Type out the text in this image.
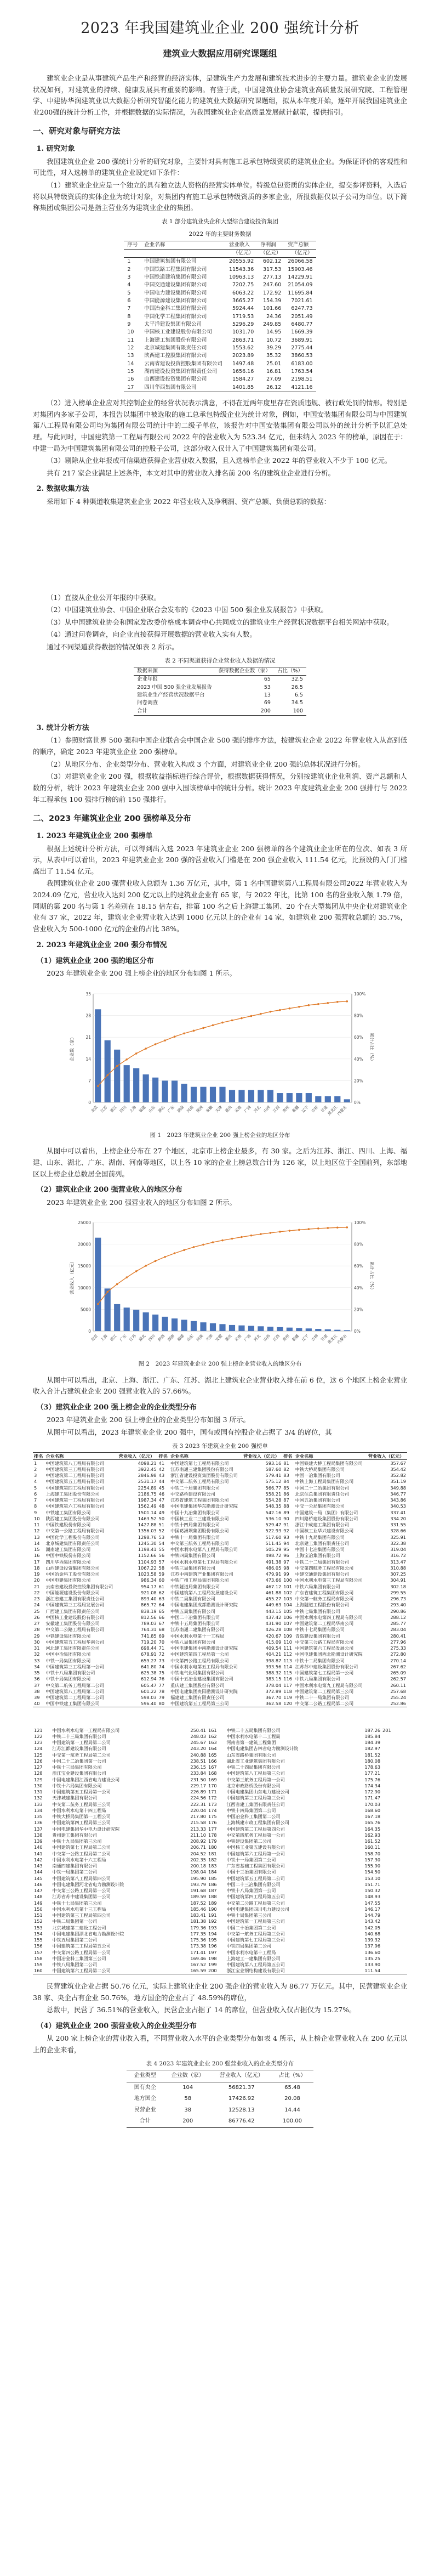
2023 年我国建筑业企业 200 强统计分析
建筑业大数据应用研究课题组

建筑业企业是从事建筑产品生产和经营的经济实体，是建筑生产力发展和建筑技术进步的主要力量。建筑业企业的发展状况如何，对建筑业的持续、健康发展具有重要的影响。有鉴于此，中国建筑业协会建筑业高质量发展研究院、工程管理学、中建协华润建筑业以大数据分析研究智能化能力的建筑业大数据研究课题组，拟从本年度开始，逐年开展我国建筑业企业200强的统计分析工作，并根据数据的实际情况，为我国建筑业企业高质量发展献计献策，提供指引。

一、研究对象与研究方法
1. 研究对象

我国建筑业企业 200 强统计分析的研究对象，主要针对具有施工总承包特级资质的建筑业企业。为保证评价的客观性和可比性，对入选榜单的建筑业企业设定如下条件：

（1）建筑业企业应是一个独立的具有独立法人资格的经营实体单位。特级总包资质的实体企业，提交参评资料，入选后将以具特级资质的实体企业为统计对象，对集团内有施工总承包特级资质的多家企业，所报数据仅以子公司为单位。以下简称集团或集团公司是指主营业务为建筑业企业的集团。

表 1 部分建筑业央企和大型综合建设投资集团
2022 年的主要财务数据
序号	企业名称	营业收入	净利润	资产总额
		（亿元）	（亿元）	（亿元）
1	中国建筑集团有限公司	20555.92	602.12	26066.58
2	中国铁路工程集团有限公司	11543.36	317.53	15903.46
3	中国铁道建筑集团有限公司	10963.13	277.13	14229.91
4	中国交通建设集团有限公司	7202.75	247.60	21054.09
5	中国电力建设集团有限公司	6063.22	172.92	11695.84
6	中国能源建设集团有限公司	3665.27	154.39	7021.61
7	中国冶金科工集团有限公司	5924.44	101.66	6247.73
8	中国化学工程集团有限公司	1719.53	24.36	2051.49
9	太平洋建设集团有限公司	5296.29	249.85	6480.77
10	中国核工业建设股份有限公司	1031.70	14.95	1669.39
11	上海建工集团股份有限公司	2863.71	10.72	3689.91
12	北京城建集团有限责任公司	1553.62	39.29	2775.44
13	陕西建工控股集团有限公司	2023.89	35.32	3860.53
14	云南省建设投资控股集团有限公司	1497.48	25.01	6183.00
15	湖南建设投资集团有限责任公司	1656.16	16.81	1763.54
16	山西建设投资集团有限公司	1584.27	27.09	2198.51
17	四川华西集团有限公司	1401.85	26.12	4121.16

（2）进入榜单企业应对其控制企业的经营状况表示满意，不得在近两年度里存在资质违规、被行政处罚的情形。特别是对集团内多家子公司，本报告以集团中被选取的施工总承包特级企业为统计对象，例如，中国安装集团有限公司与中国建筑第八工程局有限公司均为集团有限公司统计中的二级子单位，该报告对中国安装集团有限公司以外的统计分析予以汇总处理。与此同时，中国建筑第一工程局有限公司 2022 年的营业收入为 523.34 亿元，但未纳入 2023 年的榜单，原因在于：中建一局为中国建筑集团有限公司的控股子公司，这部分收入仅计入了中国建筑集团有限公司。

（3）剔除从企业年报或可信渠道获得企业营业收入数据，且入选榜单企业 2022 年的营业收入不少于 100 亿元。

共有 217 家企业满足上述条件，本文对其中的营业收入排名前 200 名的建筑业企业进行分析。

2. 数据收集方法

采用如下 4 种渠道收集建筑业企业 2022 年营业收入及净利润、资产总额、负债总额的数据：

（1）直接从企业公开年报的中获取。

（2）中国建筑业协会、中国企业联合会发布的《2023 中国 500 强企业发展报告》中获取。

（3）从中国建筑业协会和国家发改委价格成本调查中心共同成立的建筑业生产经营状况数据平台相关网站中获取。

（4）通过问卷调查，向企业直接获得开展数据的营业收入实有人数。

通过不同渠道获得数据的情况如表 2 所示。

表 2 不同渠道获得企业营业收入数据的情况
数据来源	获得数据企业数（家）	占比（%）
企业年报	65	32.5
2023 中国 500 强企业发展报告	53	26.5
建筑业生产经营状况数据平台	13	6.5
问卷调查	69	34.5
合计	200	100
3. 统计分析方法

（1）参照财富世界 500 强和中国企业联合会中国企业 500 强的排序方法，按建筑业企业 2022 年营业收入从高到低的顺序，确定 2023 年建筑业企业 200 强榜单。

（2）从地区分布、企业类型分布、营业收入构成 3 个方面，对建筑业企业 200 强的总体状况进行分析。

（3）对建筑业企业 200 强，根据收益指标进行综合评价，根据数据获得情况，分别按建筑业企业利润、资产总额和人数的分析，统计 2023 年建筑业企业 200 强中入围该榜单中的统计分析。统计 2023 年度建筑业企业 200 强排行与 2022 年工程承包 100 强排行榜的前 150 强排行。

二、2023 年建筑业企业 200 强榜单及分布
1. 2023 年建筑业企业 200 强榜单

根据上述统计分析方法，可以得到出入选 2023 年建筑业企业 200 强榜单的各个建筑业企业所在的位次、如表 3 所示，从表中可以看出，2023 年建筑业企业 200 强的营业收入门槛是在 200 强企业收入 111.54 亿元，比预设的入门门槛高出了 11.54 亿元。

我国建筑业企业 200 强营业收入总额为 1.36 万亿元，其中，第 1 名中国建筑第八工程局有限公司2022 年营业收入为 2024.09 亿元，营业收入达到 200 亿元以上的建筑业企业有 65 家，与 2022 年比，比第 100 名的营业收入额 1.79 倍，同期的第 200 名与第 1 名差别在 18.15 倍左右，排第 100 名之后上海建工集团、20 个在大型集团从中央企业对建筑业企业有 37 家，2022 年，建筑业企业营业收入达到 1000 亿元以上的企业有 14 家，如建筑业 200 强营收总额的 35.7%，营业收入为 500-1000 亿元的企业的占比 38%。

2. 2023 年建筑业企业 200 强分布情况
（1）建筑业企业 200 强的地区分布

2023 年建筑业企业 200 强上榜企业的地区分布如图 1 所示。

0	0%
7	20%
14	40%
21	60%
28	80%
35	100%
北京 江苏 浙江 四川 上海 福建 山东 湖北 广东 湖南 河南 陕西 安徽 天津 重庆 云南 广西 河北 山西 江西 贵州 新疆 辽宁 吉林 甘肃
黑龙江
内蒙古
企业数（家）	累计占比（%）
图 1　2023 年建筑业企业 200 强上榜企业的地区分布

从图中可以看出，上榜企业分布在 27 个地区，北京市上榜企业最多，有 30 家。之后为江苏、浙江、四川、上海、福建、山东、湖北、广东、湖南、河南等地区，以上各 10 家的企业上榜总数合计为 126 家，以上地区位于全国前列，东部地区以上榜企业总数居全国前列。

（2）建筑业企业 200 强营业收入的地区分布

2023 年建筑业企业 200 强营业收入的地区分布如图 2 所示。

0	0%
5000	20%
10000	40%
15000	60%
20000	80%
25000	100%
北京 上海 浙江 广东 江苏 湖北 四川 陕西 湖南 福建 山东 河南 天津 安徽 重庆 云南 广西 河北 山西 江西 贵州 新疆 辽宁 吉林 甘肃
黑龙江
内蒙古
营业收入（亿元）	累计占比（%）
图 2　2023 年建筑业企业 200 强上榜企业营业收入的地区分布

从图中可以看出，北京、上海、浙江、广东、江苏、湖北上建筑业企业营业收入排在前 6 位，这 6 个地区上榜企业营业收入合计占建筑业企业 200 强营业收入的 57.66%。

（3）建筑业企业 200 强上榜企业的企业类型分布

2023 年建筑业企业 200 强上榜企业的企业类型分布如图 3 所示。

从图中可以看出，2023 年建筑业企业 200 强中，国有或国有控股企业占据了 3/4 的席位，其

表 3 2023 年建筑业企业 200 强榜单
排名	企业名称	营业收入（亿元）	排名	企业名称	营业收入（亿元）	排名	企业名称	营业收入（亿元）
1	中国建筑第八工程局有限公司	4098.21	41	中国建筑第七工程局有限公司	593.16	81	中国铁建大桥工程局集团有限公司	357.67
2	中国建筑第三工程局有限公司	3922.45	42	江苏南通三建集团股份有限公司	587.60	82	中铁大桥局集团有限公司	354.42
3	中国建筑第二工程局有限公司	2846.98	43	浙江省建设投资集团股份有限公司	579.41	83	中国一冶集团有限公司	352.82
4	中国建筑第五工程局有限公司	2531.17	44	中交第二航务工程局有限公司	575.12	84	中铁上海工程局集团有限公司	351.19
5	中国建筑第四工程局有限公司	2254.89	45	中铁二十局集团有限公司	566.77	85	中国二十二冶集团有限公司	349.88
6	上海建工集团股份有限公司	2186.75	46	中交路桥建设有限公司	558.21	86	北京住总集团有限责任公司	346.77
7	中国建筑第一工程局有限公司	1987.34	47	江苏省建筑工程集团有限公司	554.28	87	中国五冶集团有限公司	343.86
8	中国建筑第六工程局有限公司	1562.49	48	中国电建集团华东勘测设计研究院	548.35	88	中交一公局集团有限公司	340.53
9	中铁建工集团有限公司	1501.14	49	中国十九冶集团有限公司	542.16	89	中国建筑一局（集团）有限公司	337.41
10	陕西建工集团股份有限公司	1463.52	50	中国核工业二三建设有限公司	536.10	90	四川路桥建设集团股份有限公司	334.20
11	中国铁建股份有限公司	1427.88	51	中铁十四局集团有限公司	529.47	91	浙江中成建工集团有限公司	331.55
12	中交第一公路工程局有限公司	1356.03	52	中国葛洲坝集团股份有限公司	522.93	92	中国核工业华兴建设有限公司	328.66
13	中国化学工程股份有限公司	1298.76	53	中铁十一局集团有限公司	517.60	93	中铁十九局集团有限公司	325.91
14	北京城建集团有限责任公司	1245.30	54	中交第三航务工程局有限公司	511.45	94	北京建工集团有限责任公司	322.38
15	湖南建工集团有限公司	1198.41	55	中国水利水电第八工程局有限公司	505.29	95	中国十七冶集团有限公司	319.04
16	中国中铁股份有限公司	1152.66	56	中铁四局集团有限公司	498.72	96	上海宝冶集团有限公司	316.72
17	四川华西集团有限公司	1104.93	57	中国水利水电第七工程局有限公司	491.38	97	中铁二十二局集团有限公司	313.47
18	山西建设投资集团有限公司	1067.22	58	中铁三局集团有限公司	486.05	98	中交第四航务工程局有限公司	310.88
19	中国冶金科工股份有限公司	1023.58	59	江苏中南建筑产业集团有限公司	479.91	99	中建交通建设集团有限公司	307.25
20	中国电建集团有限公司	986.34	60	中铁广州工程局集团有限公司	473.66	100	中国水利水电第三工程局有限公司	304.91
21	云南省建设投资控股集团有限公司	954.17	61	中铁隧道局集团有限公司	467.12	101	中铁六局集团有限公司	302.18
22	中国能源建设股份有限公司	921.08	62	中国建筑第八工程局发展建设公司	461.88	102	广东省建筑工程集团有限公司	299.55
23	浙江省建工集团有限责任公司	893.40	63	中铁二局集团有限公司	455.27	103	中交第一航务工程局有限公司	296.73
24	中国建筑第三工程局发展公司	865.72	64	中国电建集团成都勘测设计研究院	449.63	104	上海隧道工程股份有限公司	293.40
25	广西建工集团有限责任公司	838.19	65	中铁五局集团有限公司	443.15	105	中铁七局集团有限公司	290.86
26	中国核工业建设股份有限公司	812.56	66	中国二十冶集团有限公司	437.42	106	中国水利水电第四工程局有限公司	288.12
27	安徽建工集团股份有限公司	789.03	67	中铁十五局集团有限公司	431.90	107	中国建筑第二工程局华南公司	285.77
28	中交第二公路工程局有限公司	764.31	68	江苏南通二建集团有限公司	426.28	108	中铁十七局集团有限公司	283.04
29	中铁建设集团有限公司	741.85	69	中国水利水电第十一工程局	420.67	109	青岛建设集团有限公司	280.41
30	中国建筑第五工程局华南公司	719.20	70	中铁八局集团有限公司	415.09	110	中交第三公路工程局有限公司	277.96
31	河北建工集团有限责任公司	698.44	71	中国电建集团中南勘测设计研究院	409.54	111	中国建筑第六工程局发展公司	275.33
32	中国中冶集团有限公司	678.91	72	中国建筑第四工程局第一公司	404.21	112	中国电建集团西北勘测设计研究院	272.80
33	中铁一局集团有限公司	659.27	73	中交第四公路工程局有限公司	398.87	113	中铁十二局集团有限公司	270.14
34	中国建筑第三工程局第一公司	641.80	74	中国水利水电第五工程局有限公司	393.56	114	江苏苏中建设集团股份有限公司	267.62
35	中铁十八局集团有限公司	625.38	75	中铁电气化局集团有限公司	388.32	115	中国建筑第七工程局第一公司	265.09
36	中铁十局集团有限公司	612.94	76	中国十五冶金建设集团有限公司	383.15	116	中铁九局集团有限公司	262.57
37	中交第二航务工程局第二公司	605.47	77	重庆建工集团股份有限公司	378.04	117	中国水利水电第九工程局有限公司	260.11
38	中国建筑第八工程局第二公司	601.22	78	中国电建集团贵阳勘测设计研究院	372.89	118	中国建筑第二工程局第三公司	257.68
39	中国建筑第二工程局第二公司	598.03	79	福建建工集团有限责任公司	367.70	119	中铁二十一局集团有限公司	255.24
40	中国中铁建工集团有限公司	596.40	80	中国建筑第五工程局第三公司	362.58	120	中交第二公路工程局第二公司	252.86
121	中国水利水电第一工程局有限公司	250.41	161	中铁二十五局集团有限公司	187.26	201		
122	中铁二十三局集团有限公司	248.03	162	中国水利水电第十二工程局	185.84			
123	中国建筑第一工程局第二公司	245.67	163	河南省第一建筑工程集团	184.39			
124	江苏江都建设集团有限公司	243.20	164	中国电建集团吉林省电力勘测设计院	182.97			
125	中交第一航务工程局第二公司	240.88	165	山东省路桥集团有限公司	181.52			
126	中国二十二冶集团第一公司	238.51	166	湖北省工业建筑集团有限公司	180.08			
127	中铁十三局集团有限公司	236.15	167	中铁二十四局集团有限公司	178.63			
128	浙江宝业建设集团有限公司	233.84	168	中国建筑第八工程局第三公司	177.21			
129	中国电建集团江西省电力建设公司	231.50	169	中交第三航务工程局第一公司	175.76			
130	中铁十六局集团有限公司	229.17	170	北京市政路桥股份有限公司	174.34			
131	中国建筑第五工程局第一公司	226.89	171	中国电建集团山东电力建设公司	172.90			
132	天津城建集团有限公司	224.56	172	中国建筑第三工程局第三公司	171.47			
133	中交第二航务工程局第三公司	222.31	173	江西省建工集团有限责任公司	170.03			
134	中国水利水电第十四工程局	220.04	174	中铁十四局集团第二公司	168.60			
135	中铁大桥局集团第一工程公司	217.80	175	中国冶金科工集团第二公司	167.18			
136	中国建筑第四工程局第三公司	215.58	176	上海城建市政工程集团有限公司	165.76			
137	中国电建集团华中电力设计研究院	213.33	177	中国建筑第二工程局第四公司	164.35			
138	贵州建工集团有限公司	211.10	178	中交第四航务工程局第一公司	162.93			
139	中铁十九局集团第三公司	208.92	179	中铁建设集团第二公司	161.52			
140	中国建筑第七工程局第二公司	206.71	180	中国核工业第五建设有限公司	160.11			
141	中交第一公路工程局第二公司	204.52	181	中国建筑第六工程局第一公司	158.70			
142	中国水利水电第十六工程局	202.35	182	中铁十一局集团第二公司	157.30			
143	南通四建集团有限公司	200.18	183	广东省基础工程集团有限公司	155.90			
144	中铁一局集团第二公司	198.04	184	中国十三冶集团有限公司	154.50			
145	中国建筑第八工程局第四公司	195.90	185	中国建筑第五工程局第二公司	153.10			
146	中国电建集团河北省电力勘测设计院	193.79	186	中国二十三冶集团有限公司	151.71			
147	中交第三公路工程局第一公司	191.68	187	中铁十八局集团第一公司	150.32			
148	江苏省苏中建设集团第一公司	189.59	188	中国建筑第四工程局第五公司	148.93			
149	中铁十七局集团第三公司	187.52	189	中交第二公路工程局第三公司	147.55			
150	中国水利水电第十三工程局	185.46	190	中国电建集团四川电力建设公司	146.17			
151	中国建筑第三工程局第四公司	183.41	191	中铁十局集团第三公司	144.79			
152	中铁二局集团第一公司	181.38	192	中国建筑第一工程局第三公司	143.42			
153	北京城建第二建设工程公司	179.36	193	中国二十冶集团第二公司	142.05			
154	中国电建集团湖北省电力勘测设计院	177.35	194	中交第一航务工程局第三公司	140.68			
155	中铁五局集团第二公司	175.36	195	中国建筑第七工程局第三公司	139.32			
156	中国建筑第二工程局第五公司	173.38	196	中铁四局集团第二公司	137.96			
157	中交第四公路工程局第一公司	171.41	197	中国水利水电第十工程局	136.60			
158	中国冶金科工集团第三公司	169.46	198	上海建工一建集团有限公司	135.25			
159	中铁八局集团第二公司	167.52	199	中国建筑第八工程局第五公司	133.90			
160	中国建筑第六工程局第二公司	165.59	200	浙江宝业钢结构建设有限公司	111.54			

民营建筑业企业占据 50.76 亿元，实际上建筑业企业 200 强企业的营业收入为 86.77 万亿元。其中，民营建筑业企业 38 家、央企占有企业 50.76%，地方国企的企业占了 48.59%的席位，

总数中，民营了 36.51%的营业收入，民营企业占据了 14 的席位，但营业收入仅占据仅为 15.27%。

（4）建筑业企业 200 强营业收入的企业类型分布

从 200 家上榜企业的营业收入看，不同营业收入水平的企业类型分布如表 4 所示，从上榜企业营业收入在 200 亿元以上的企业来看，

表 4 2023 年建筑业企业 200 强营业收入的企业类型分布
企业类型	企业数（家）	营业收入（亿元）	占比（%）
国有央企	104	56821.37	65.48
地方国企	58	17426.92	20.08
民营企业	38	12528.13	14.44
合计	200	86776.42	100.00
